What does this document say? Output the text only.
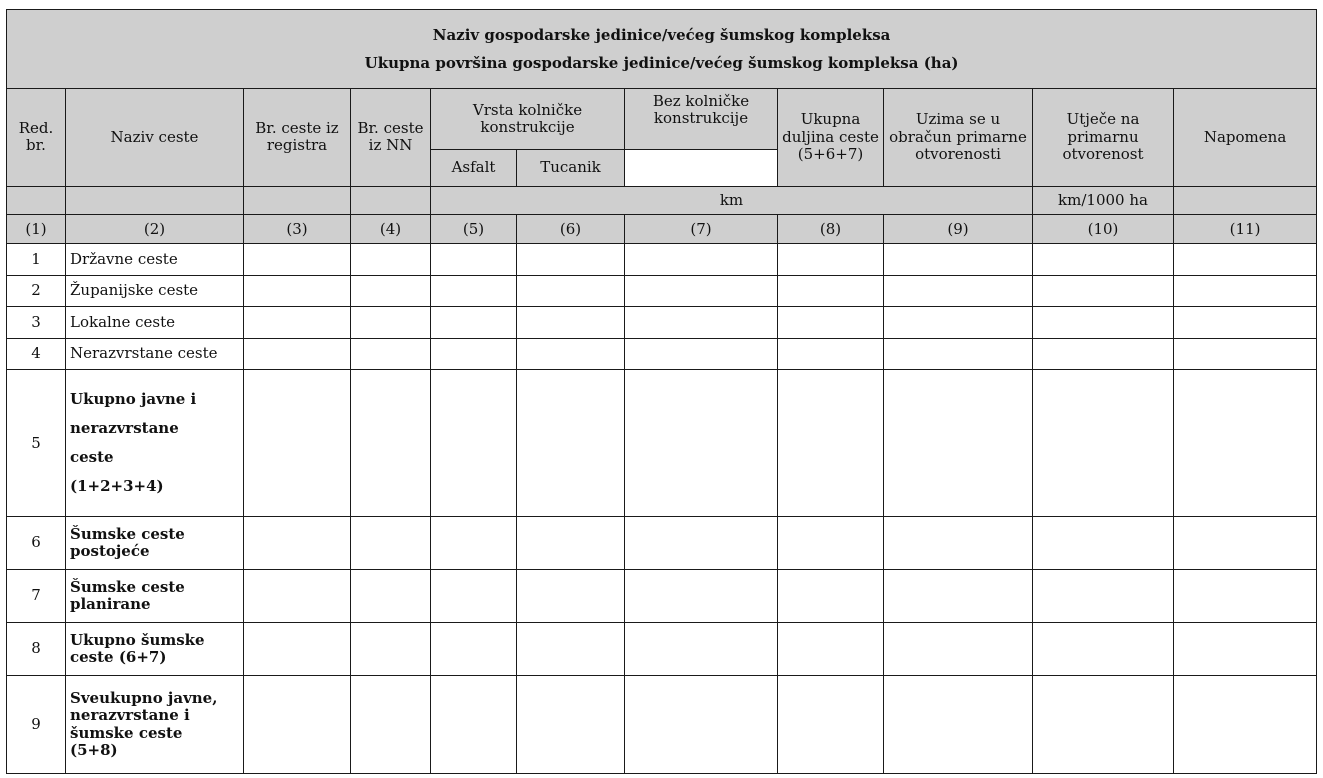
Naziv gospodarske jedinice/većeg šumskog kompleksa
Ukupna površina gospodarske jedinice/većeg šumskog kompleksa (ha)										

Red. br.	Naziv ceste	Br. ceste iz registra	Br. ceste iz NN	Vrsta kolničke konstrukcije		Bez kolničke konstrukcije	Ukupna duljina ceste (5+6+7)	Uzima se u obračun primarne otvorenosti	Utječe na primarnu otvorenost	Napomena
				Asfalt	Tucanik					
				km					km/1000 ha	
(1)	(2)	(3)	(4)	(5)	(6)	(7)	(8)	(9)	(10)	(11)
1	Državne ceste									

2	Županijske ceste									

3	Lokalne ceste									

4	Nerazvrstane ceste									

5	Ukupno javne i
nerazvrstane
ceste
(1+2+3+4)									

6	Šumske ceste
postojeće									

7	Šumske ceste
planirane									

8	Ukupno šumske
ceste (6+7)									

9	Sveukupno javne,
nerazvrstane i
šumske ceste
(5+8)									
